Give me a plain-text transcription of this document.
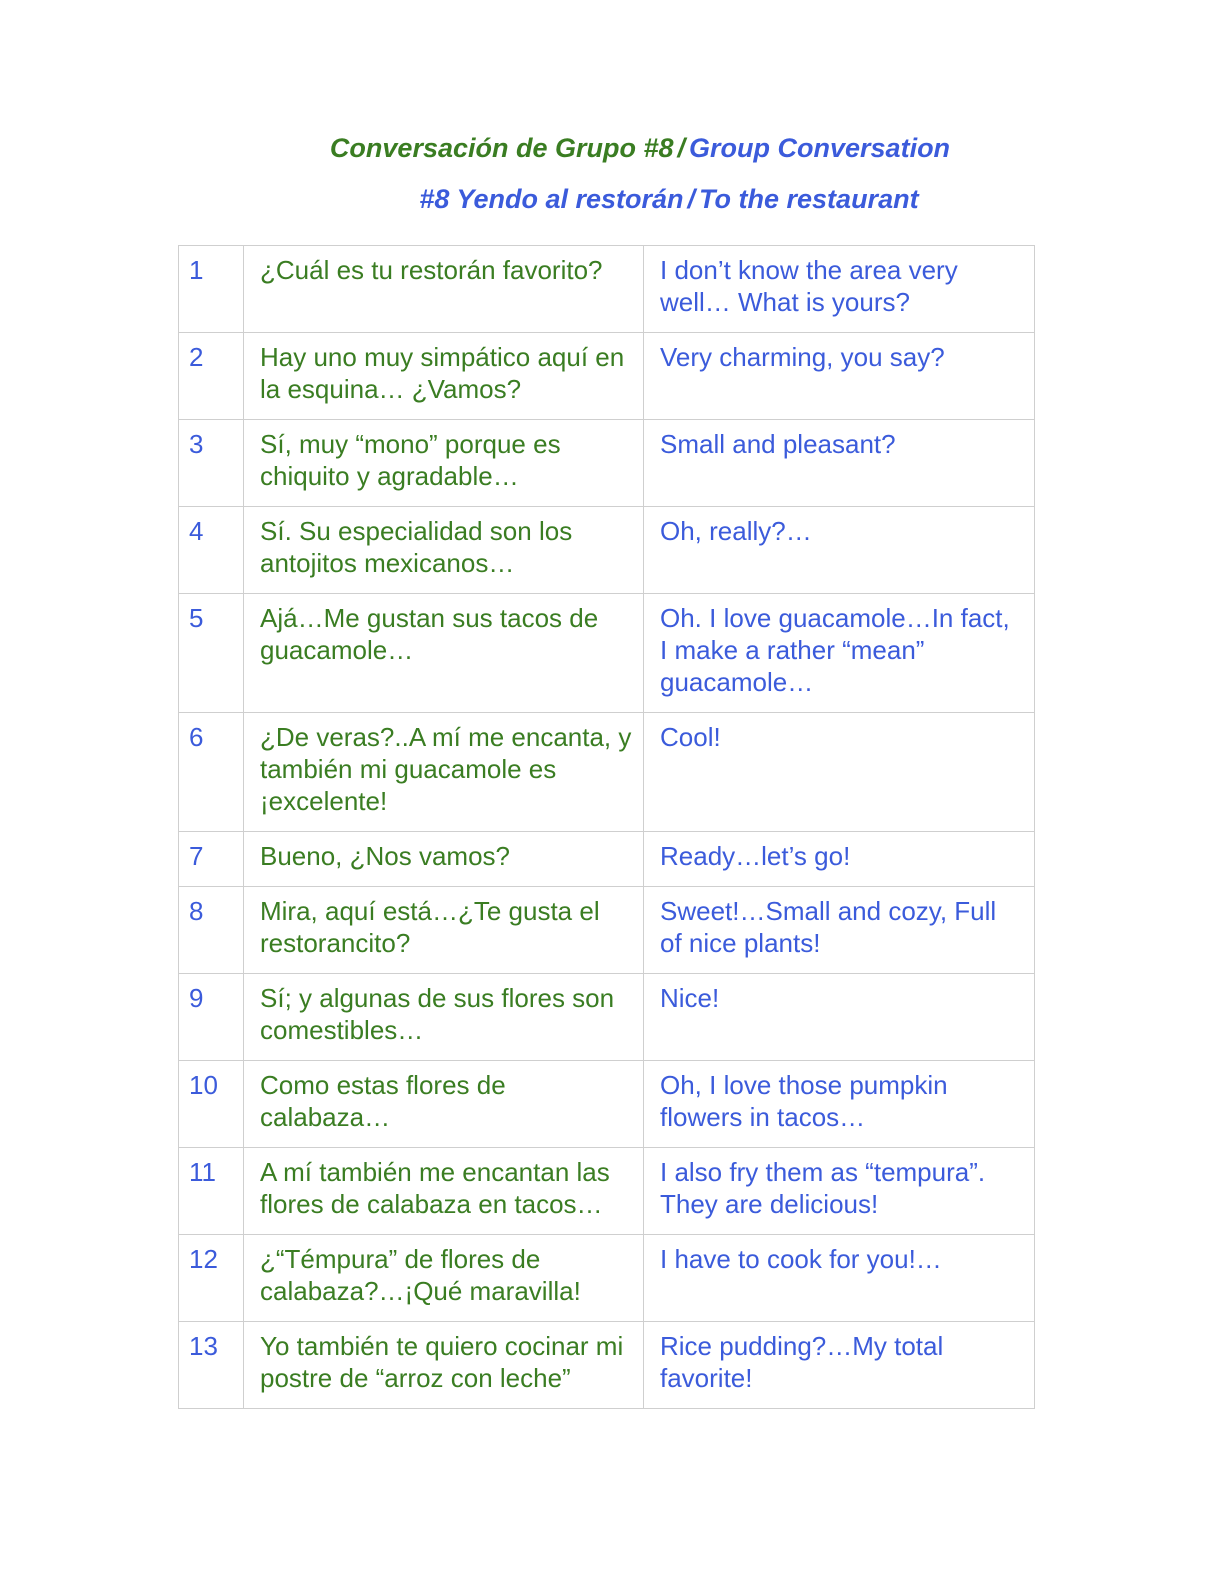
Conversación de Grupo #8 / Group Conversation
#8 Yendo al restorán / To the restaurant
1	¿Cuál es tu restorán favorito?	I don’t know the area very well… What is yours?
2	Hay uno muy simpático aquí en la esquina… ¿Vamos?	Very charming, you say?
3	Sí, muy “mono” porque es chiquito y agradable…	Small and pleasant?
4	Sí. Su especialidad son los antojitos mexicanos…	Oh, really?…
5	Ajá…Me gustan sus tacos de guacamole…	Oh. I love guacamole…In fact, I make a rather “mean” guacamole…
6	¿De veras?..A mí me encanta, y también mi guacamole es ¡excelente!	Cool!
7	Bueno, ¿Nos vamos?	Ready…let’s go!
8	Mira, aquí está…¿Te gusta el restorancito?	Sweet!…Small and cozy, Full of nice plants!
9	Sí; y algunas de sus flores son comestibles…	Nice!
10	Como estas flores de calabaza…	Oh, I love those pumpkin flowers in tacos…
11	A mí también me encantan las flores de calabaza en tacos…	I also fry them as “tempura”. They are delicious!
12	¿“Témpura” de flores de calabaza?…¡Qué maravilla!	I have to cook for you!…
13	Yo también te quiero cocinar mi postre de “arroz con leche”	Rice pudding?…My total favorite!
